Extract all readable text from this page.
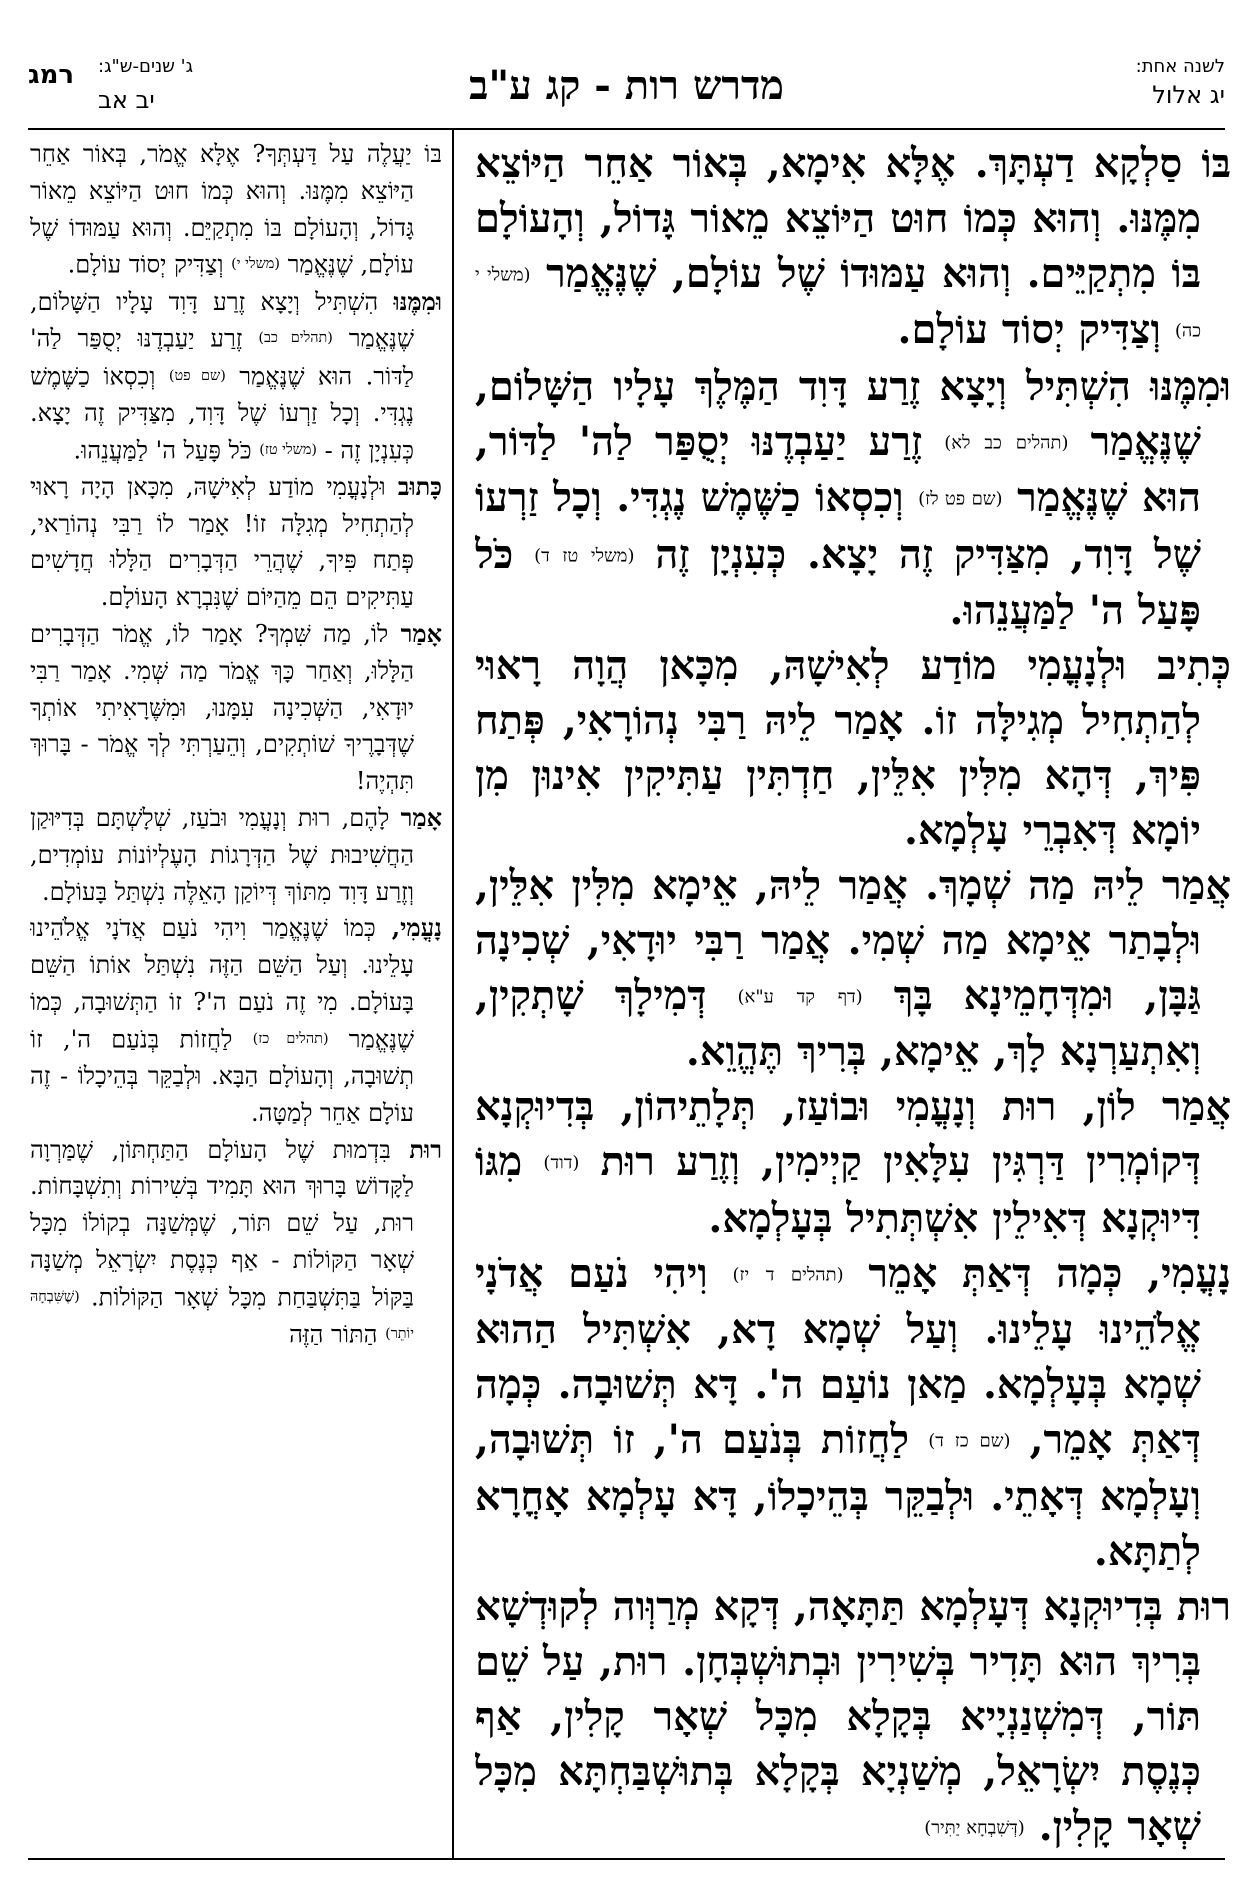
לשנה אחת:
יג אלול
מדרש רות - קג ע"ב
ג' שנים-ש"ג:
יב אב
רמג

בּוֹ סַלְקָא דַעְתָּךְ. אֶלָּא אִימָא, בְּאוֹר אַחֵר הַיּוֹצֵא מִמֶּנּוּ. וְהוּא כְּמוֹ חוּט הַיּוֹצֵא מֵאוֹר גָּדוֹל, וְהָעוֹלָם בּוֹ מִתְקַיֵּים. וְהוּא עַמּוּדוֹ שֶׁל עוֹלָם, שֶׁנֶּאֱמַר (משלי י כה) וְצַדִּיק יְסוֹד עוֹלָם.

וּמִמֶּנּוּ הִשְׁתִּיל וְיָצָא זֶרַע דָּוִד הַמֶּלֶךְ עָלָיו הַשָּׁלוֹם, שֶׁנֶּאֱמַר (תהלים כב לא) זֶרַע יַעַבְדֶנּוּ יְסֻפַּר לַה' לַדּוֹר, הוּא שֶׁנֶּאֱמַר (שם פט לז) וְכִסְאוֹ כַשֶּׁמֶשׁ נֶגְדִּי. וְכָל זַרְעוֹ שֶׁל דָּוִד, מִצַּדִּיק זֶה יָצָא. כְּעִנְיָן זֶה (משלי טז ד) כֹּל פָּעַל ה' לַמַּעֲנֵהוּ.

כְּתִיב וּלְנָעֳמִי מוֹדַע לְאִישָׁהּ, מִכָּאן הֲוָה רָאוּי לְהַתְחִיל מְגִילָּה זוֹ. אָמַר לֵיהּ רַבִּי נְהוֹרָאִי, פְּתַח פִּיךְ, דְּהָא מִלִּין אִלֵּין, חַדְתִּין עַתִּיקִין אִינוּן מִן יוֹמָא דְּאִבְרֵי עָלְמָא.

אֲמַר לֵיהּ מַה שְׁמָךְ. אֲמַר לֵיהּ, אֵימָא מִלִּין אִלֵּין, וּלְבָתַר אֵימָא מַה שְׁמִי. אֲמַר רַבִּי יוּדָאִי, שְׁכִינָה גַּבָּן, וּמִדְּחָמֵינָא בָּךְ (דף קד ע"א) דְּמִילָךְ שָׁתְקִין, וְאִתְעַרְנָא לָךְ, אֵימָא, בְּרִיךְ תֶּהֱוֵא.

אֲמַר לוֹן, רוּת וְנָעֳמִי וּבוֹעַז, תְּלָתֵיהוֹן, בְּדִיוּקְנָא דְּקוֹמְרִין דַּרְגִּין עִלָּאִין קַיְימִין, וְזֶרַע רוּת (דוד) מִגּוֹ דִּיוּקְנָא דְּאִילֵין אִשְׁתְּתִיל בְּעָלְמָא.

נָעֳמִי, כְּמָה דְּאַתְּ אָמֵר (תהלים ד יז) וִיהִי נֹעַם אֲדֹנָי אֱלֹהֵינוּ עָלֵינוּ. וְעַל שְׁמָא דָא, אִשְׁתִּיל הַהוּא שְׁמָא בְּעָלְמָא. מַאן נוֹעַם ה'. דָּא תְּשׁוּבָה. כְּמָה דְּאַתְּ אָמֵר, (שם כז ד) לַחֲזוֹת בְּנֹעַם ה', זוֹ תְּשׁוּבָה, וְעָלְמָא דְּאָתֵי. וּלְבַקֵּר בְּהֵיכָלוֹ, דָּא עָלְמָא אָחֳרָא לְתַתָּא.

רוּת בְּדִיוּקְנָא דְּעָלְמָא תַּתָּאָה, דְּקָא מְרַוְּוה לְקוּדְשָׁא בְּרִיךְ הוּא תָּדִיר בְּשִׁירִין וּבְתוּשְׁבְּחָן. רוּת, עַל שֵׁם תּוֹר, דְּמִשְׁנַנְיָיא בְּקָלָא מִכָּל שְׁאָר קָלִין, אַף כְּנֶסֶת יִשְׂרָאֵל, מְשַׁנְיָא בְּקָלָא בְּתוּשְׁבַּחְתָּא מִכָּל שְׁאָר קָלִין. (דְּשִׁבְחָא יַתִּיר)

בּוֹ יַעֲלֶה עַל דַּעְתְּךָ? אֶלָּא אֱמֹר, בְּאוֹר אַחֵר הַיּוֹצֵא מִמֶּנּוּ. וְהוּא כְּמוֹ חוּט הַיּוֹצֵא מֵאוֹר גָּדוֹל, וְהָעוֹלָם בּוֹ מִתְקַיֵּם. וְהוּא עַמּוּדוֹ שֶׁל עוֹלָם, שֶׁנֶּאֱמַר (משלי י) וְצַדִּיק יְסוֹד עוֹלָם.

וּמִמֶּנּוּ הִשְׁתִּיל וְיָצָא זֶרַע דָּוִד עָלָיו הַשָּׁלוֹם, שֶׁנֶּאֱמַר (תהלים כב) זֶרַע יַעַבְדֶנּוּ יְסֻפַּר לַה' לַדּוֹר. הוּא שֶׁנֶּאֱמַר (שם פט) וְכִסְאוֹ כַשֶּׁמֶשׁ נֶגְדִּי. וְכָל זַרְעוֹ שֶׁל דָּוִד, מִצַּדִּיק זֶה יָצָא. כְּעִנְיָן זֶה - (משלי טז) כֹּל פָּעַל ה' לַמַּעֲנֵהוּ.

כָּתוּב וּלְנָעֳמִי מוֹדַע לְאִישָׁהּ, מִכָּאן הָיָה רָאוּי לְהַתְחִיל מְגִלָּה זוֹ! אָמַר לוֹ רַבִּי נְהוֹרַאי, פְּתַח פִּיךָ, שֶׁהֲרֵי הַדְּבָרִים הַלָּלוּ חֲדָשִׁים עַתִּיקִים הֵם מֵהַיּוֹם שֶׁנִּבְרָא הָעוֹלָם.

אָמַר לוֹ, מַה שִּׁמְךָ? אָמַר לוֹ, אֱמֹר הַדְּבָרִים הַלָּלוּ, וְאַחַר כָּךְ אֱמֹר מַה שְּׁמִי. אָמַר רַבִּי יוּדָאִי, הַשְּׁכִינָה עִמָּנוּ, וּמִשֶּׁרָאִיתִי אוֹתְךָ שֶׁדְּבָרֶיךָ שׁוֹתְקִים, וְהֵעַרְתִּי לְךָ אֱמֹר - בָּרוּךְ תִּהְיֶה!

אָמַר לָהֶם, רוּת וְנָעֳמִי וּבֹעַז, שְׁלָשְׁתָּם בְּדִיּוּקַן הַחֲשִׁיבוּת שֶׁל הַדְּרָגוֹת הָעֶלְיוֹנוֹת עוֹמְדִים, וְזֶרַע דָּוִד מִתּוֹךְ דְּיוֹקַן הָאֵלֶּה נִשְׁתַּל בָּעוֹלָם.

נָעֳמִי, כְּמוֹ שֶׁנֶּאֱמַר וִיהִי נֹעַם אֲדֹנָי אֱלֹהֵינוּ עָלֵינוּ. וְעַל הַשֵּׁם הַזֶּה נִשְׁתַּל אוֹתוֹ הַשֵּׁם בָּעוֹלָם. מִי זֶה נֹעַם ה'? זוֹ הַתְּשׁוּבָה, כְּמוֹ שֶׁנֶּאֱמַר (תהלים כז) לַחֲזוֹת בְּנֹעַם ה', זוֹ תְשׁוּבָה, וְהָעוֹלָם הַבָּא. וּלְבַקֵּר בְּהֵיכָלוֹ - זֶה עוֹלָם אַחֵר לְמַטָּה.

רוּת בִּדְמוּת שֶׁל הָעוֹלָם הַתַּחְתּוֹן, שֶׁמַּרְוָה לַקָּדוֹשׁ בָּרוּךְ הוּא תָּמִיד בְּשִׁירוֹת וְתִשְׁבָּחוֹת. רוּת, עַל שֵׁם תּוֹר, שֶׁמְּשַׁנָּה בְקוֹלוֹ מִכָּל שְׁאָר הַקּוֹלוֹת - אַף כְּנֶסֶת יִשְׂרָאֵל מְשַׁנָּה בַּקּוֹל בַּתִּשְׁבַּחַת מִכָּל שְׁאָר הַקּוֹלוֹת. (שֶׁשִּׁבְחָהּ יוֹתֵר) הַתּוֹר הַזֶּה
